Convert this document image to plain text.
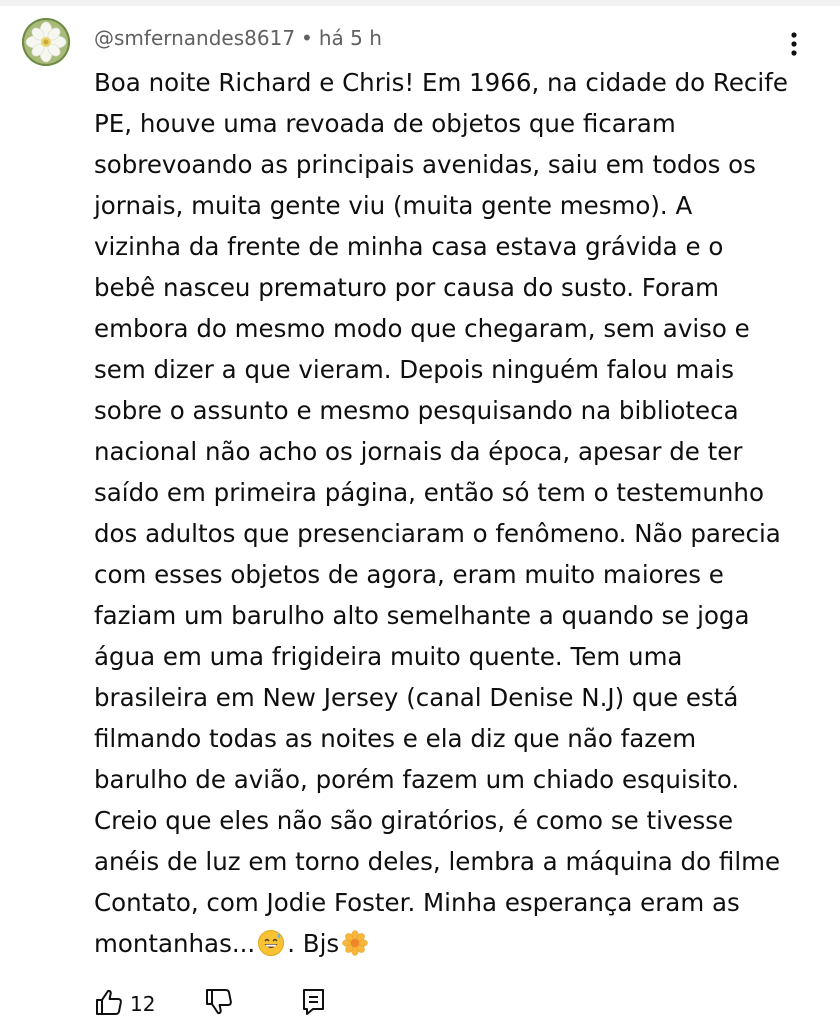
@smfernandes8617 • há 5 h
Boa noite Richard e Chris! Em 1966, na cidade do Recife
PE, houve uma revoada de objetos que ficaram
sobrevoando as principais avenidas, saiu em todos os
jornais, muita gente viu (muita gente mesmo). A
vizinha da frente de minha casa estava grávida e o
bebê nasceu prematuro por causa do susto. Foram
embora do mesmo modo que chegaram, sem aviso e
sem dizer a que vieram. Depois ninguém falou mais
sobre o assunto e mesmo pesquisando na biblioteca
nacional não acho os jornais da época, apesar de ter
saído em primeira página, então só tem o testemunho
dos adultos que presenciaram o fenômeno. Não parecia
com esses objetos de agora, eram muito maiores e
faziam um barulho alto semelhante a quando se joga
água em uma frigideira muito quente. Tem uma
brasileira em New Jersey (canal Denise N.J) que está
filmando todas as noites e ela diz que não fazem
barulho de avião, porém fazem um chiado esquisito.
Creio que eles não são giratórios, é como se tivesse
anéis de luz em torno deles, lembra a máquina do filme
Contato, com Jodie Foster. Minha esperança eram as
montanhas... . Bjs
12
